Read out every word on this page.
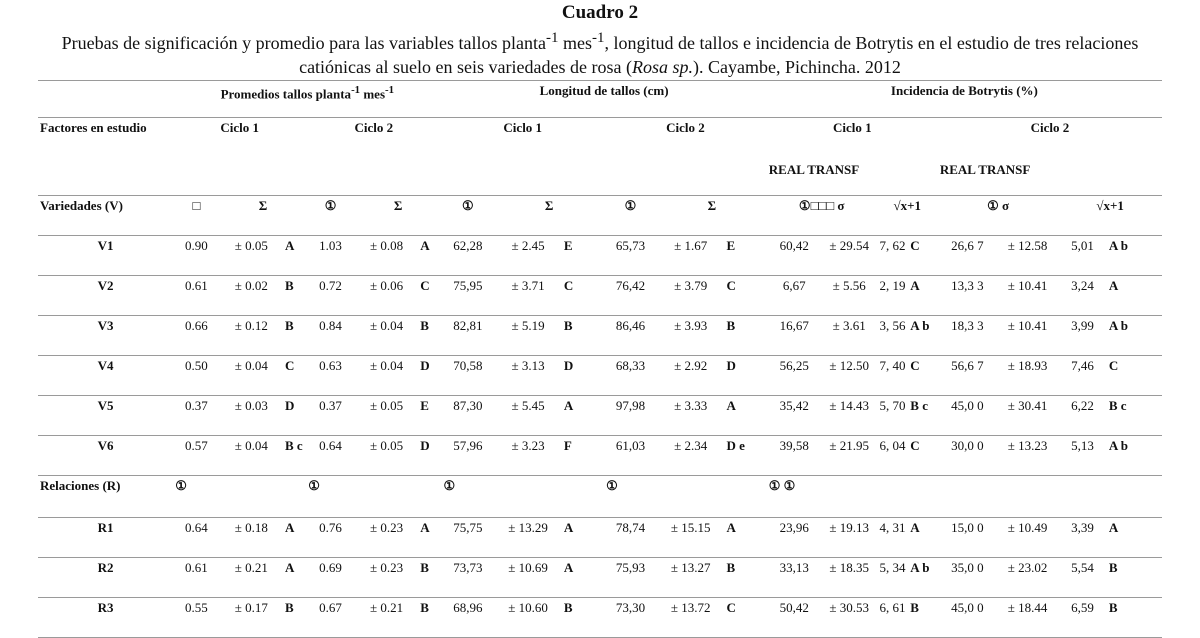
Cuadro 2
Pruebas de significación y promedio para las variables tallos planta$^{-1}$ mes$^{-1}$, longitud de tallos e incidencia de Botrytis en el estudio de tres relaciones
catiónicas al suelo en seis variedades de rosa (Rosa sp.). Cayambe, Pichincha. 2012
	Promedios tallos planta$^{-1}$ mes$^{-1}$						Longitud de tallos (cm)						Incidencia de Botrytis (%)							
Factores en estudio	Ciclo 1			Ciclo 2			Ciclo 1			Ciclo 2			Ciclo 1				Ciclo 2			
													REAL TRANSF				REAL TRANSF			
Variedades (V)	□	Σ		①	Σ		①	Σ		①	Σ		①□□□ σ		√x+1		① σ		√x+1	
V1	0.90	± 0.05	A	1.03	± 0.08	A	62,28	± 2.45	E	65,73	± 1.67	E	60,42	± 29.54	7, 62	C	26,6 7	± 12.58	5,01	A b
V2	0.61	± 0.02	B	0.72	± 0.06	C	75,95	± 3.71	C	76,42	± 3.79	C	6,67	± 5.56	2, 19	A	13,3 3	± 10.41	3,24	A
V3	0.66	± 0.12	B	0.84	± 0.04	B	82,81	± 5.19	B	86,46	± 3.93	B	16,67	± 3.61	3, 56	A b	18,3 3	± 10.41	3,99	A b
V4	0.50	± 0.04	C	0.63	± 0.04	D	70,58	± 3.13	D	68,33	± 2.92	D	56,25	± 12.50	7, 40	C	56,6 7	± 18.93	7,46	C
V5	0.37	± 0.03	D	0.37	± 0.05	E	87,30	± 5.45	A	97,98	± 3.33	A	35,42	± 14.43	5, 70	B c	45,0 0	± 30.41	6,22	B c
V6	0.57	± 0.04	B c	0.64	± 0.05	D	57,96	± 3.23	F	61,03	± 2.34	D e	39,58	± 21.95	6, 04	C	30,0 0	± 13.23	5,13	A b
Relaciones (R)	①			①			①			①			① ①							
R1	0.64	± 0.18	A	0.76	± 0.23	A	75,75	± 13.29	A	78,74	± 15.15	A	23,96	± 19.13	4, 31	A	15,0 0	± 10.49	3,39	A
R2	0.61	± 0.21	A	0.69	± 0.23	B	73,73	± 10.69	A	75,93	± 13.27	B	33,13	± 18.35	5, 34	A b	35,0 0	± 23.02	5,54	B
R3	0.55	± 0.17	B	0.67	± 0.21	B	68,96	± 10.60	B	73,30	± 13.72	C	50,42	± 30.53	6, 61	B	45,0 0	± 18.44	6,59	B
